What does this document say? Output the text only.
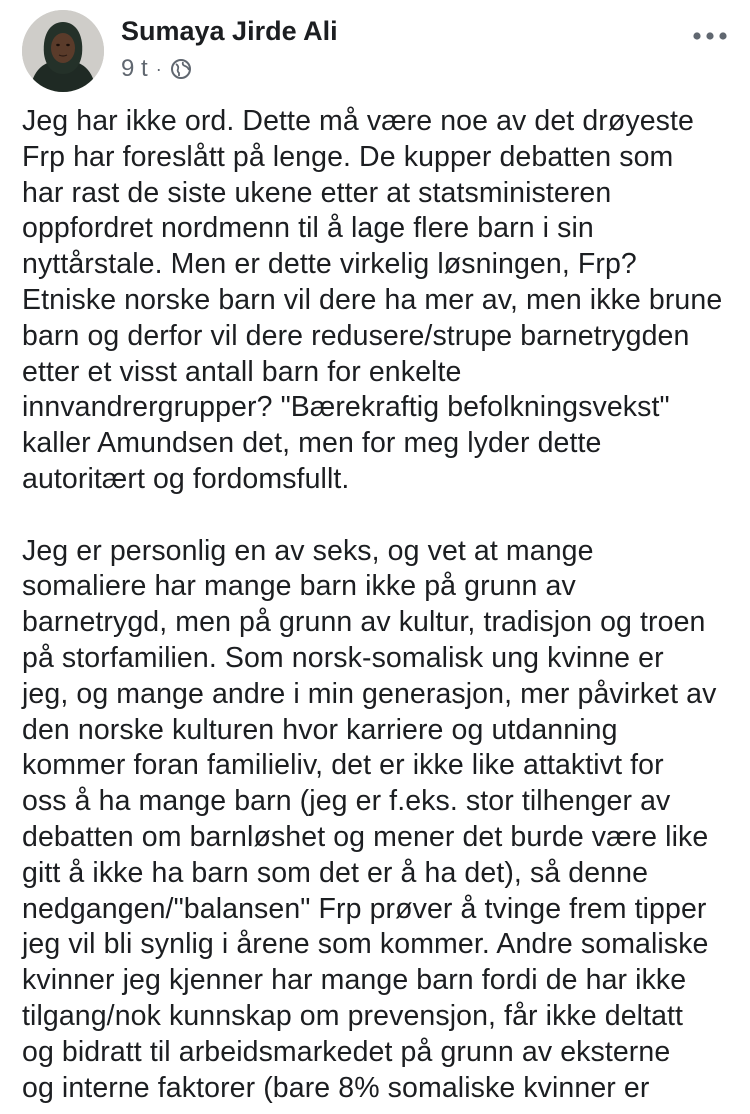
Sumaya Jirde Ali
9 t ·
Jeg har ikke ord. Dette må være noe av det drøyeste
Frp har foreslått på lenge. De kupper debatten som
har rast de siste ukene etter at statsministeren
oppfordret nordmenn til å lage flere barn i sin
nyttårstale. Men er dette virkelig løsningen, Frp?
Etniske norske barn vil dere ha mer av, men ikke brune
barn og derfor vil dere redusere/strupe barnetrygden
etter et visst antall barn for enkelte
innvandrergrupper? "Bærekraftig befolkningsvekst"
kaller Amundsen det, men for meg lyder dette
autoritært og fordomsfullt.
Jeg er personlig en av seks, og vet at mange
somaliere har mange barn ikke på grunn av
barnetrygd, men på grunn av kultur, tradisjon og troen
på storfamilien. Som norsk-somalisk ung kvinne er
jeg, og mange andre i min generasjon, mer påvirket av
den norske kulturen hvor karriere og utdanning
kommer foran familieliv, det er ikke like attaktivt for
oss å ha mange barn (jeg er f.eks. stor tilhenger av
debatten om barnløshet og mener det burde være like
gitt å ikke ha barn som det er å ha det), så denne
nedgangen/"balansen" Frp prøver å tvinge frem tipper
jeg vil bli synlig i årene som kommer. Andre somaliske
kvinner jeg kjenner har mange barn fordi de har ikke
tilgang/nok kunnskap om prevensjon, får ikke deltatt
og bidratt til arbeidsmarkedet på grunn av eksterne
og interne faktorer (bare 8% somaliske kvinner er
